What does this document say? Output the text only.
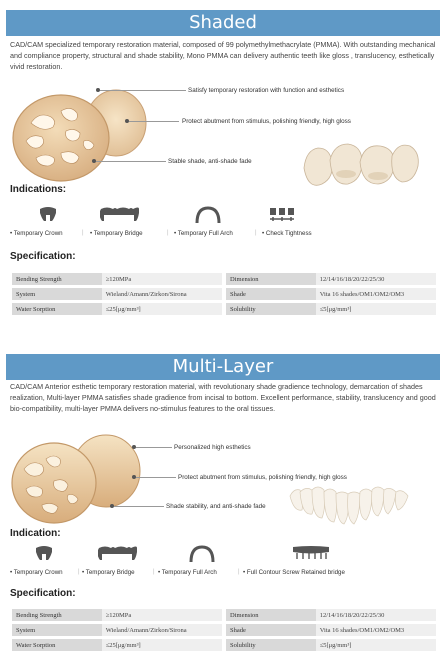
Shaded
CAD/CAM specialized temporary restoration material, composed of 99 polymethylmethacrylate (PMMA). With outstanding mechanical and compliance property, structural and shade stability, Mono PMMA can delivery authentic teeth like gloss , translucency, esthetically vivid restoration.
Satisfy temporary restoration with function and esthetics
Protect abutment from stimulus, polishing friendly, high gloss
Stable shade, anti-shade fade
Indications:
• Temporary Crown	| • Temporary Bridge	| • Temporary Full Arch	| • Check Tightness
Specification:
Bending Strength	≥120MPa		Dimension	12/14/16/18/20/22/25/30
System	Wieland/Amann/Zirkon/Sirona		Shade	Vita 16 shades/OM1/OM2/OM3
Water Sorption	≤25[μg/mm³]		Solubility	≤5[μg/mm³]
Multi-Layer
CAD/CAM Anterior esthetic temporary restoration material, with revolutionary shade gradience technology, demarcation of shades realization, Multi-layer PMMA satisfies shade gradience from incisal to bottom. Excellent performance, stability, translucency and good bio-compatibility, multi-layer PMMA delivers no-stimulus features to the oral tissues.
Personalized high esthetics
Protect abutment from stimulus, polishing friendly, high gloss
Shade stability, and anti-shade fade
Indication:
• Temporary Crown	| • Temporary Bridge	| • Temporary Full Arch	| • Full Contour Screw Retained bridge
Specification:
Bending Strength	≥120MPa		Dimension	12/14/16/18/20/22/25/30
System	Wieland/Amann/Zirkon/Sirona		Shade	Vita 16 shades/OM1/OM2/OM3
Water Sorption	≤25[μg/mm³]		Solubility	≤5[μg/mm³]
